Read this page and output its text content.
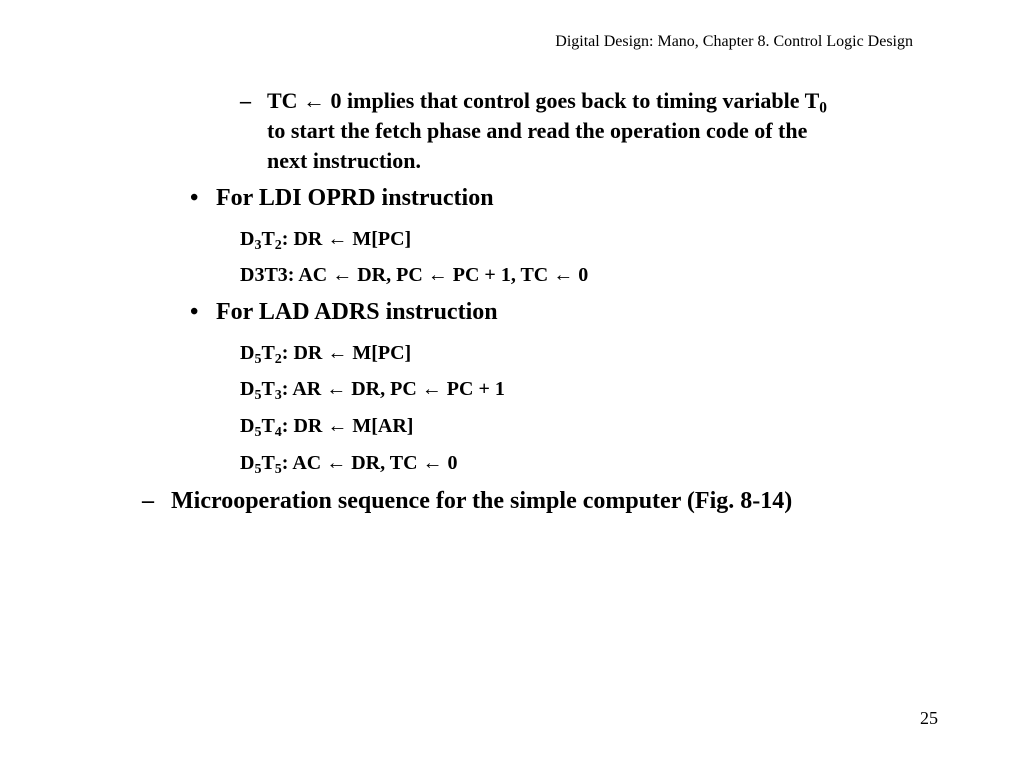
Digital Design: Mano, Chapter 8. Control Logic Design
– TC ← 0 implies that control goes back to timing variable $T_0$
to start the fetch phase and read the operation code of the
next instruction.
• For LDI OPRD instruction
$D_3T_2$: DR ← M[PC]
D3T3: AC ← DR, PC ← PC + 1, TC ← 0
• For LAD ADRS instruction
$D_5T_2$: DR ← M[PC]
$D_5T_3$: AR ← DR, PC ← PC + 1
$D_5T_4$: DR ← M[AR]
$D_5T_5$: AC ← DR, TC ← 0
– Microoperation sequence for the simple computer (Fig. 8-14)
25
